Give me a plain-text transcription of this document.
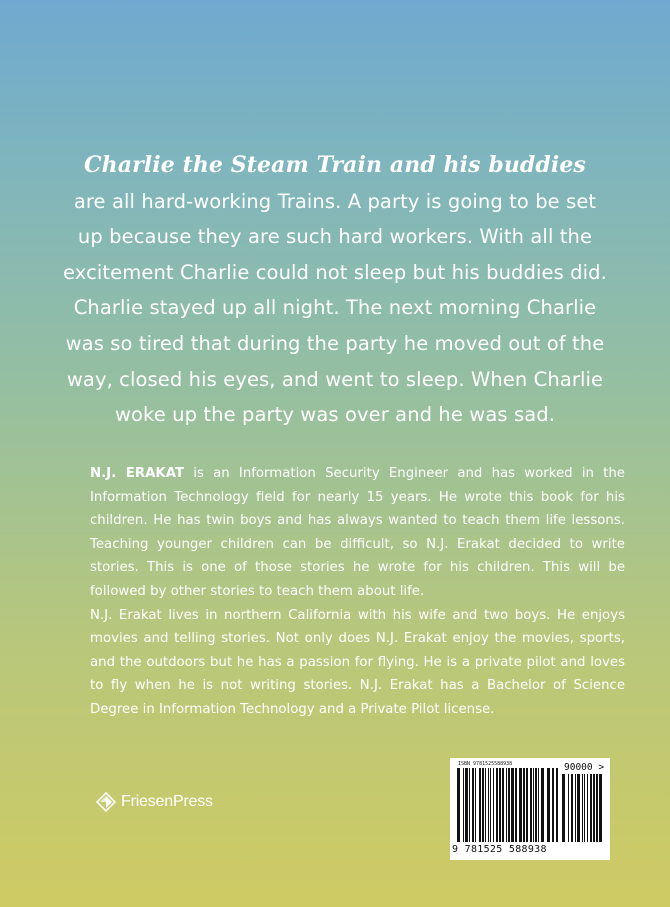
Charlie the Steam Train and his buddies
are all hard-working Trains. A party is going to be set
up because they are such hard workers. With all the
excitement Charlie could not sleep but his buddies did.
Charlie stayed up all night. The next morning Charlie
was so tired that during the party he moved out of the
way, closed his eyes, and went to sleep. When Charlie
woke up the party was over and he was sad.

N.J. ERAKAT is an Information Security Engineer and has worked in the Information Technology field for nearly 15 years. He wrote this book for his children. He has twin boys and has always wanted to teach them life lessons. Teaching younger children can be difficult, so N.J. Erakat decided to write stories. This is one of those stories he wrote for his children. This will be followed by other stories to teach them about life.

N.J. Erakat lives in northern California with his wife and two boys. He enjoys movies and telling stories. Not only does N.J. Erakat enjoy the movies, sports, and the outdoors but he has a passion for flying. He is a private pilot and loves to fly when he is not writing stories. N.J. Erakat has a Bachelor of Science Degree in Information Technology and a Private Pilot license.

FriesenPress
ISBN 9781525588938	90000 >
9 781525 588938
